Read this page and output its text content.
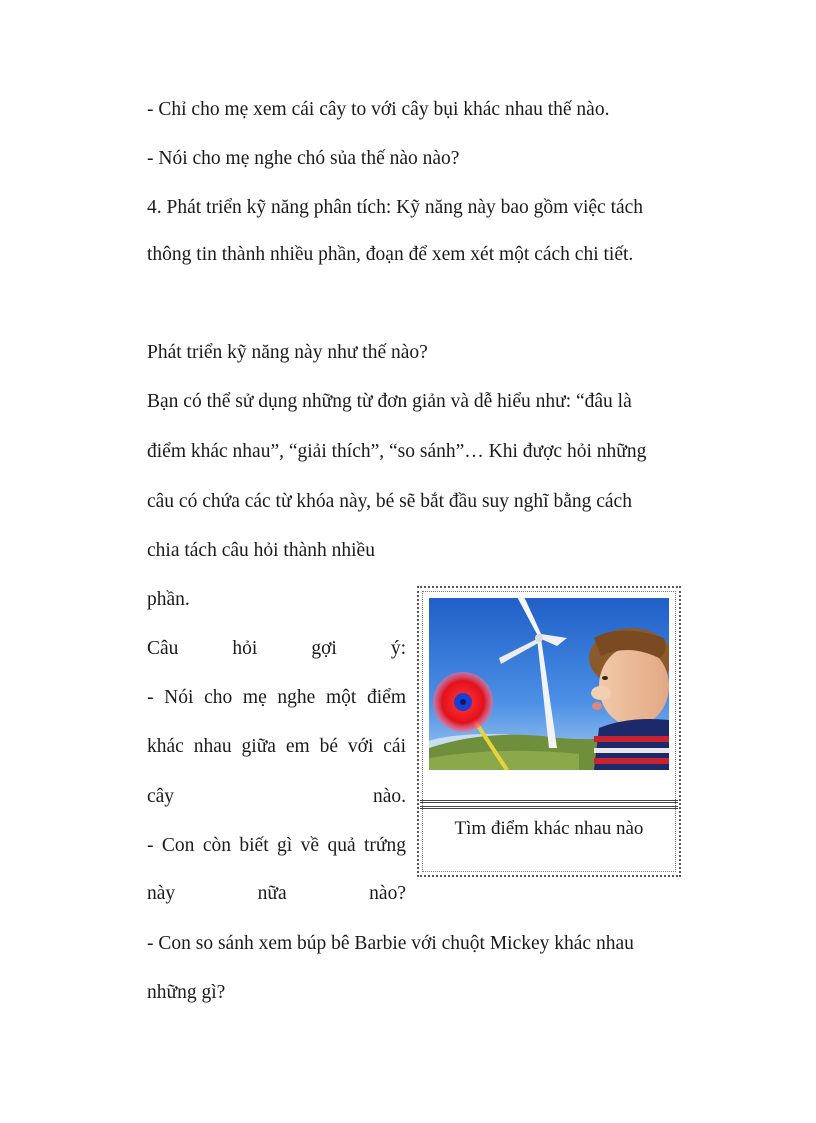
- Chỉ cho mẹ xem cái cây to với cây bụi khác nhau thế nào.
- Nói cho mẹ nghe chó sủa thế nào nào?
4. Phát triển kỹ năng phân tích: Kỹ năng này bao gồm việc tách
thông tin thành nhiều phần, đoạn để xem xét một cách chi tiết.
Phát triển kỹ năng này như thế nào?
Bạn có thể sử dụng những từ đơn giản và dễ hiểu như: “đâu là
điểm khác nhau”, “giải thích”, “so sánh”… Khi được hỏi những
câu có chứa các từ khóa này, bé sẽ bắt đầu suy nghĩ bằng cách
chia tách câu hỏi thành nhiều
phần.
Câu	hỏi	gợi	ý:
- Nói cho mẹ nghe một điểm
khác nhau giữa em bé với cái
cây	nào.
- Con còn biết gì về quả trứng
này	nữa	nào?
- Con so sánh xem búp bê Barbie với chuột Mickey khác nhau
những gì?
Tìm điểm khác nhau nào
